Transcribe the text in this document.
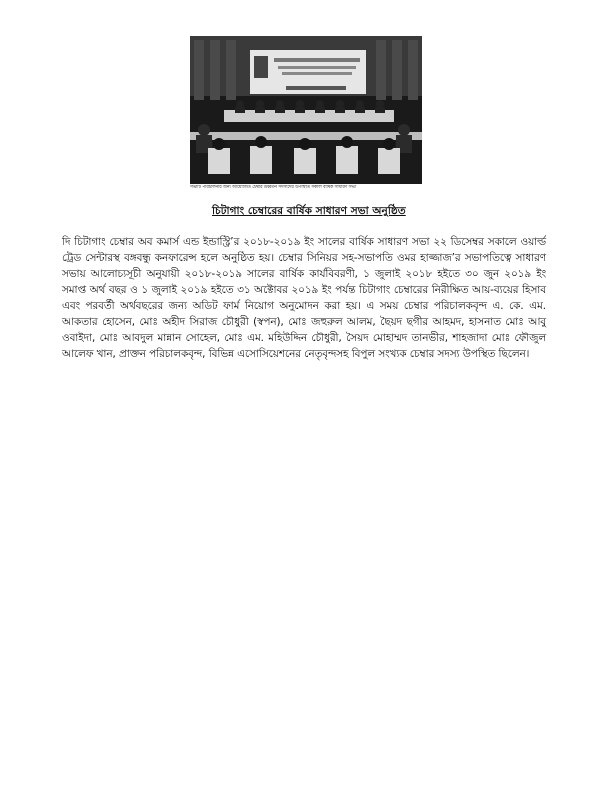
সভাটি পরিচালনার জন্য আয়োজিত চেম্বার উর্ধ্বতন সদস্যদের উপস্থিতি সকাল বার্ষিক সাধারণ সভা
চিটাগাং চেম্বারের বার্ষিক সাধারণ সভা অনুষ্ঠিত
দি চিটাগাং চেম্বার অব কমার্স এন্ড ইন্ডাস্ট্রি’র ২০১৮-২০১৯ ইং সালের বার্ষিক সাধারণ সভা ২২ ডিসেম্বর সকালে ওয়ার্ল্ড ট্রেড সেন্টারস্থ বঙ্গবন্ধু কনফারেন্স হলে অনুষ্ঠিত হয়। চেম্বার সিনিয়র সহ-সভাপতি ওমর হাজ্জাজ’র সভাপতিত্বে সাধারণ সভায় আলোচ্যসূচী অনুযায়ী ২০১৮-২০১৯ সালের বার্ষিক কার্যবিবরণী, ১ জুলাই ২০১৮ হইতে ৩০ জুন ২০১৯ ইং সমাপ্ত অর্থ বছর ও ১ জুলাই ২০১৯ হইতে ৩১ অক্টোবর ২০১৯ ইং পর্যন্ত চিটাগাং চেম্বারের নিরীক্ষিত আয়-ব্যয়ের হিসাব এবং পরবর্তী অর্থবছরের জন্য অডিট ফার্ম নিয়োগ অনুমোদন করা হয়। এ সময় চেম্বার পরিচালকবৃন্দ এ. কে. এম. আকতার হোসেন, মোঃ অহীদ সিরাজ চৌধুরী (স্বপন), মোঃ জহুরুল আলম, ছৈয়দ ছগীর আহমদ, হাসনাত মোঃ আবু ওবাইদা, মোঃ আবদুল মান্নান সোহেল, মোঃ এম. মহিউদ্দিন চৌধুরী, সৈয়দ মোহাম্মদ তানভীর, শাহজাদা মোঃ ফৌজুল আলেফ খান, প্রাক্তন পরিচালকবৃন্দ, বিভিন্ন এসোসিয়েশনের নেতৃবৃন্দসহ বিপুল সংখ্যক চেম্বার সদস্য উপস্থিত ছিলেন।
